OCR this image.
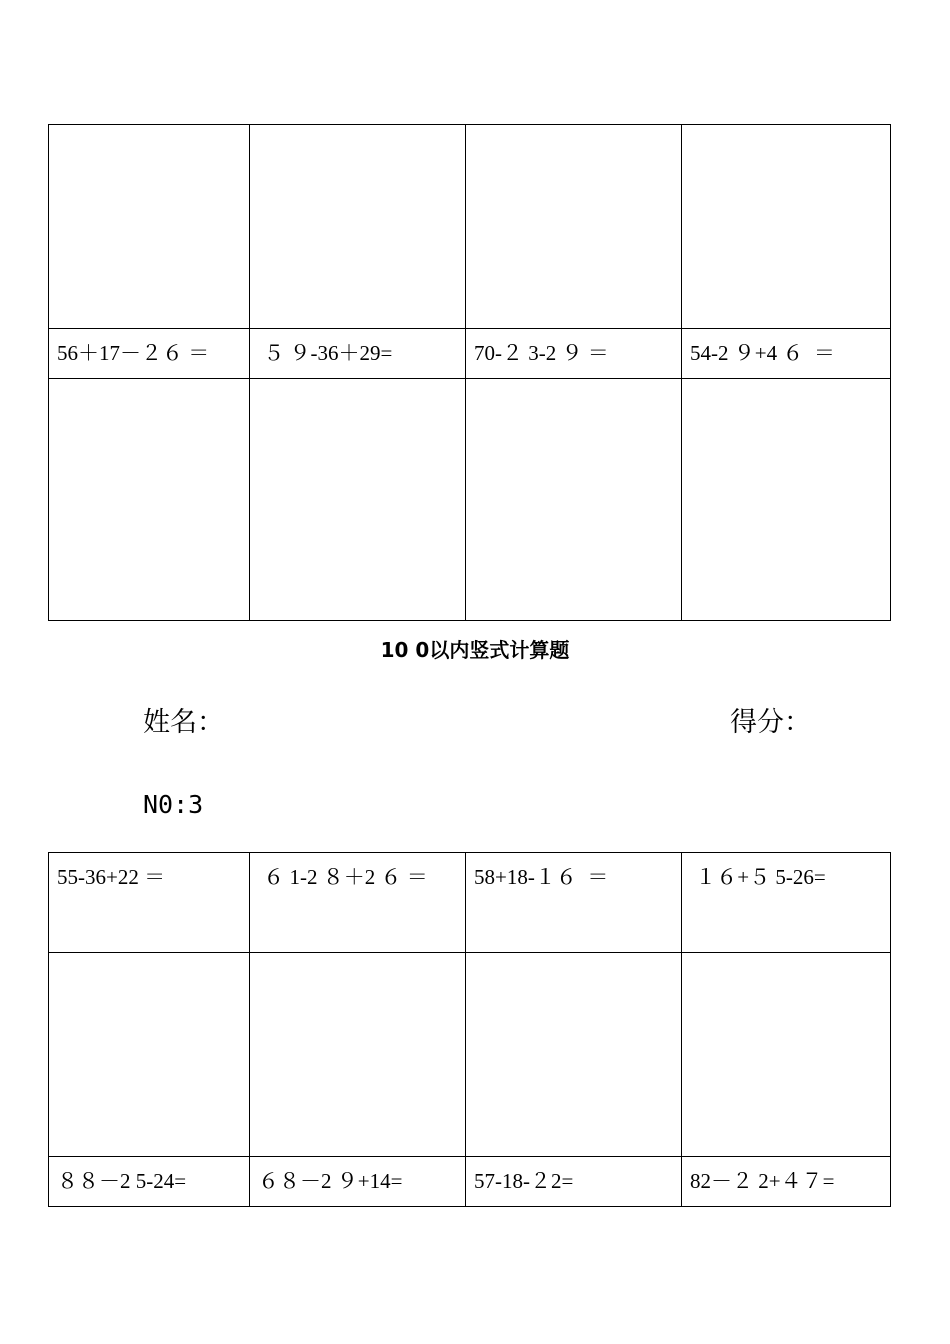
56＋17－２６ ＝	５ ９-36＋29=	70-２ 3-2 ９ ＝	54-2 ９+4 ６  ＝

10 0以内竖式计算题
姓名：	得分：
N0:3
55-36+22 ＝	６ 1-2 ８＋2 ６ ＝	58+18-１６  ＝	１６+５ 5-26=

８８－2 5-24=	６８－2 ９+14=	57-18-２2=	82－２ 2+４７=
